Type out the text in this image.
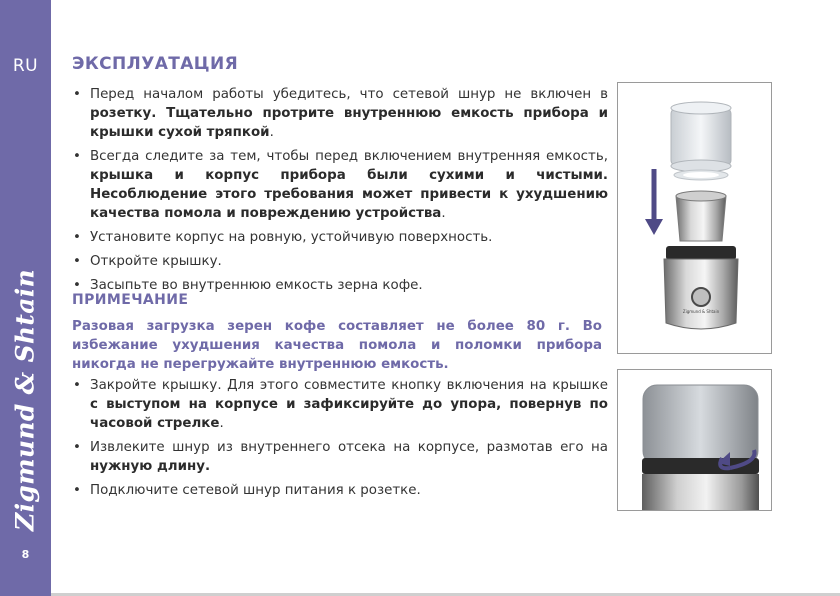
RU
Zigmund & Shtain
8
ЭКСПЛУАТАЦИЯ
• Перед началом работы убедитесь, что сетевой шнур не включен в розетку. Тщательно протрите внутреннюю емкость прибора и крышки сухой тряпкой.
• Всегда следите за тем, чтобы перед включением внутренняя емкость, крышка и корпус прибора были сухими и чистыми. Несоблюдение этого требования может привести к ухудшению качества помола и повреждению устройства.
• Установите корпус на ровную, устойчивую поверхность.
• Откройте крышку.
• Засыпьте во внутреннюю емкость зерна кофе.
ПРИМЕЧАНИЕ
Разовая загрузка зерен кофе составляет не более 80 г. Во избежание ухудшения качества помола и поломки прибора никогда не перегружайте внутреннюю емкость.
• Закройте крышку. Для этого совместите кнопку включения на крышке с выступом на корпусе и зафиксируйте до упора, повернув по часовой стрелке.
• Извлеките шнур из внутреннего отсека на корпусе, размотав его на нужную длину.
• Подключите сетевой шнур питания к розетке.
Zigmund & Shtain
